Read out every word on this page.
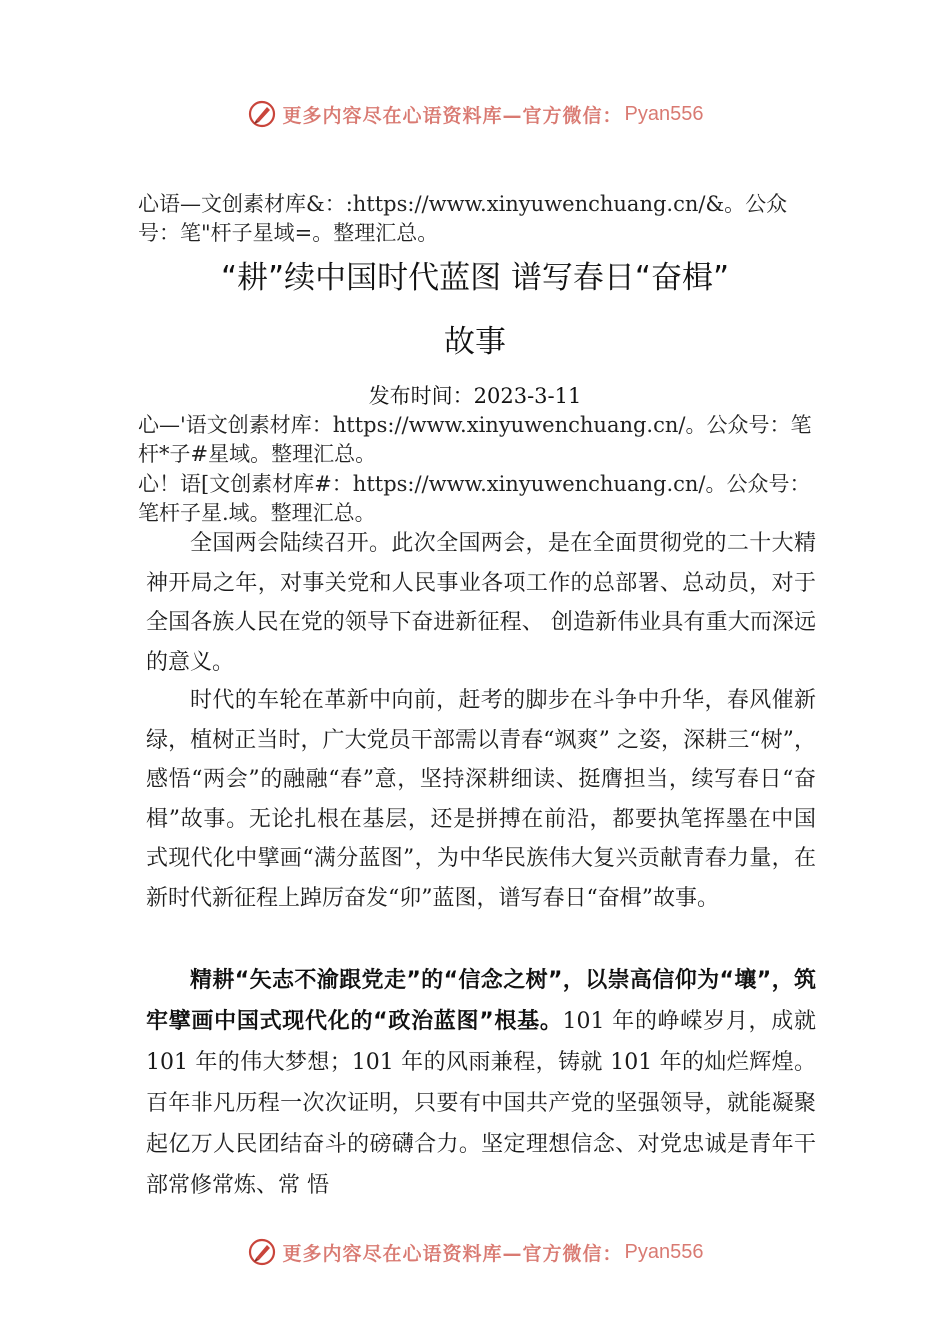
更多内容尽在心语资料库—官方微信： Pyan556
心语—文创素材库&：:https://www.xinyuwenchuang.cn/&。公众号：笔"杆子星域=。整理汇总。
“耕”续中国时代蓝图 谱写春日“奋楫”
故事
发布时间：2023-3-11
心—'语文创素材库：https://www.xinyuwenchuang.cn/。公众号：笔杆*子#星域。整理汇总。
心！语[文创素材库#：https://www.xinyuwenchuang.cn/。公众号：笔杆子星.域。整理汇总。
全国两会陆续召开。此次全国两会，是在全面贯彻党的二十大精神开局之年，对事关党和人民事业各项工作的总部署、总动员，对于全国各族人民在党的领导下奋进新征程、 创造新伟业具有重大而深远的意义。
时代的车轮在革新中向前，赶考的脚步在斗争中升华，春风催新绿，植树正当时，广大党员干部需以青春“飒爽” 之姿，深耕三“树”，感悟“两会”的融融“春”意，坚持深耕细读、挺膺担当，续写春日“奋楫”故事。无论扎根在基层，还是拼搏在前沿，都要执笔挥墨在中国式现代化中擘画“满分蓝图”，为中华民族伟大复兴贡献青春力量，在新时代新征程上踔厉奋发“卯”蓝图，谱写春日“奋楫”故事。
精耕“矢志不渝跟党走”的“信念之树”，以崇高信仰为“壤”，筑牢擘画中国式现代化的“政治蓝图”根基。101 年的峥嵘岁月，成就 101 年的伟大梦想；101 年的风雨兼程，铸就 101 年的灿烂辉煌。百年非凡历程一次次证明，只要有中国共产党的坚强领导，就能凝聚起亿万人民团结奋斗的磅礴合力。坚定理想信念、对党忠诚是青年干部常修常炼、常 悟
更多内容尽在心语资料库—官方微信： Pyan556
